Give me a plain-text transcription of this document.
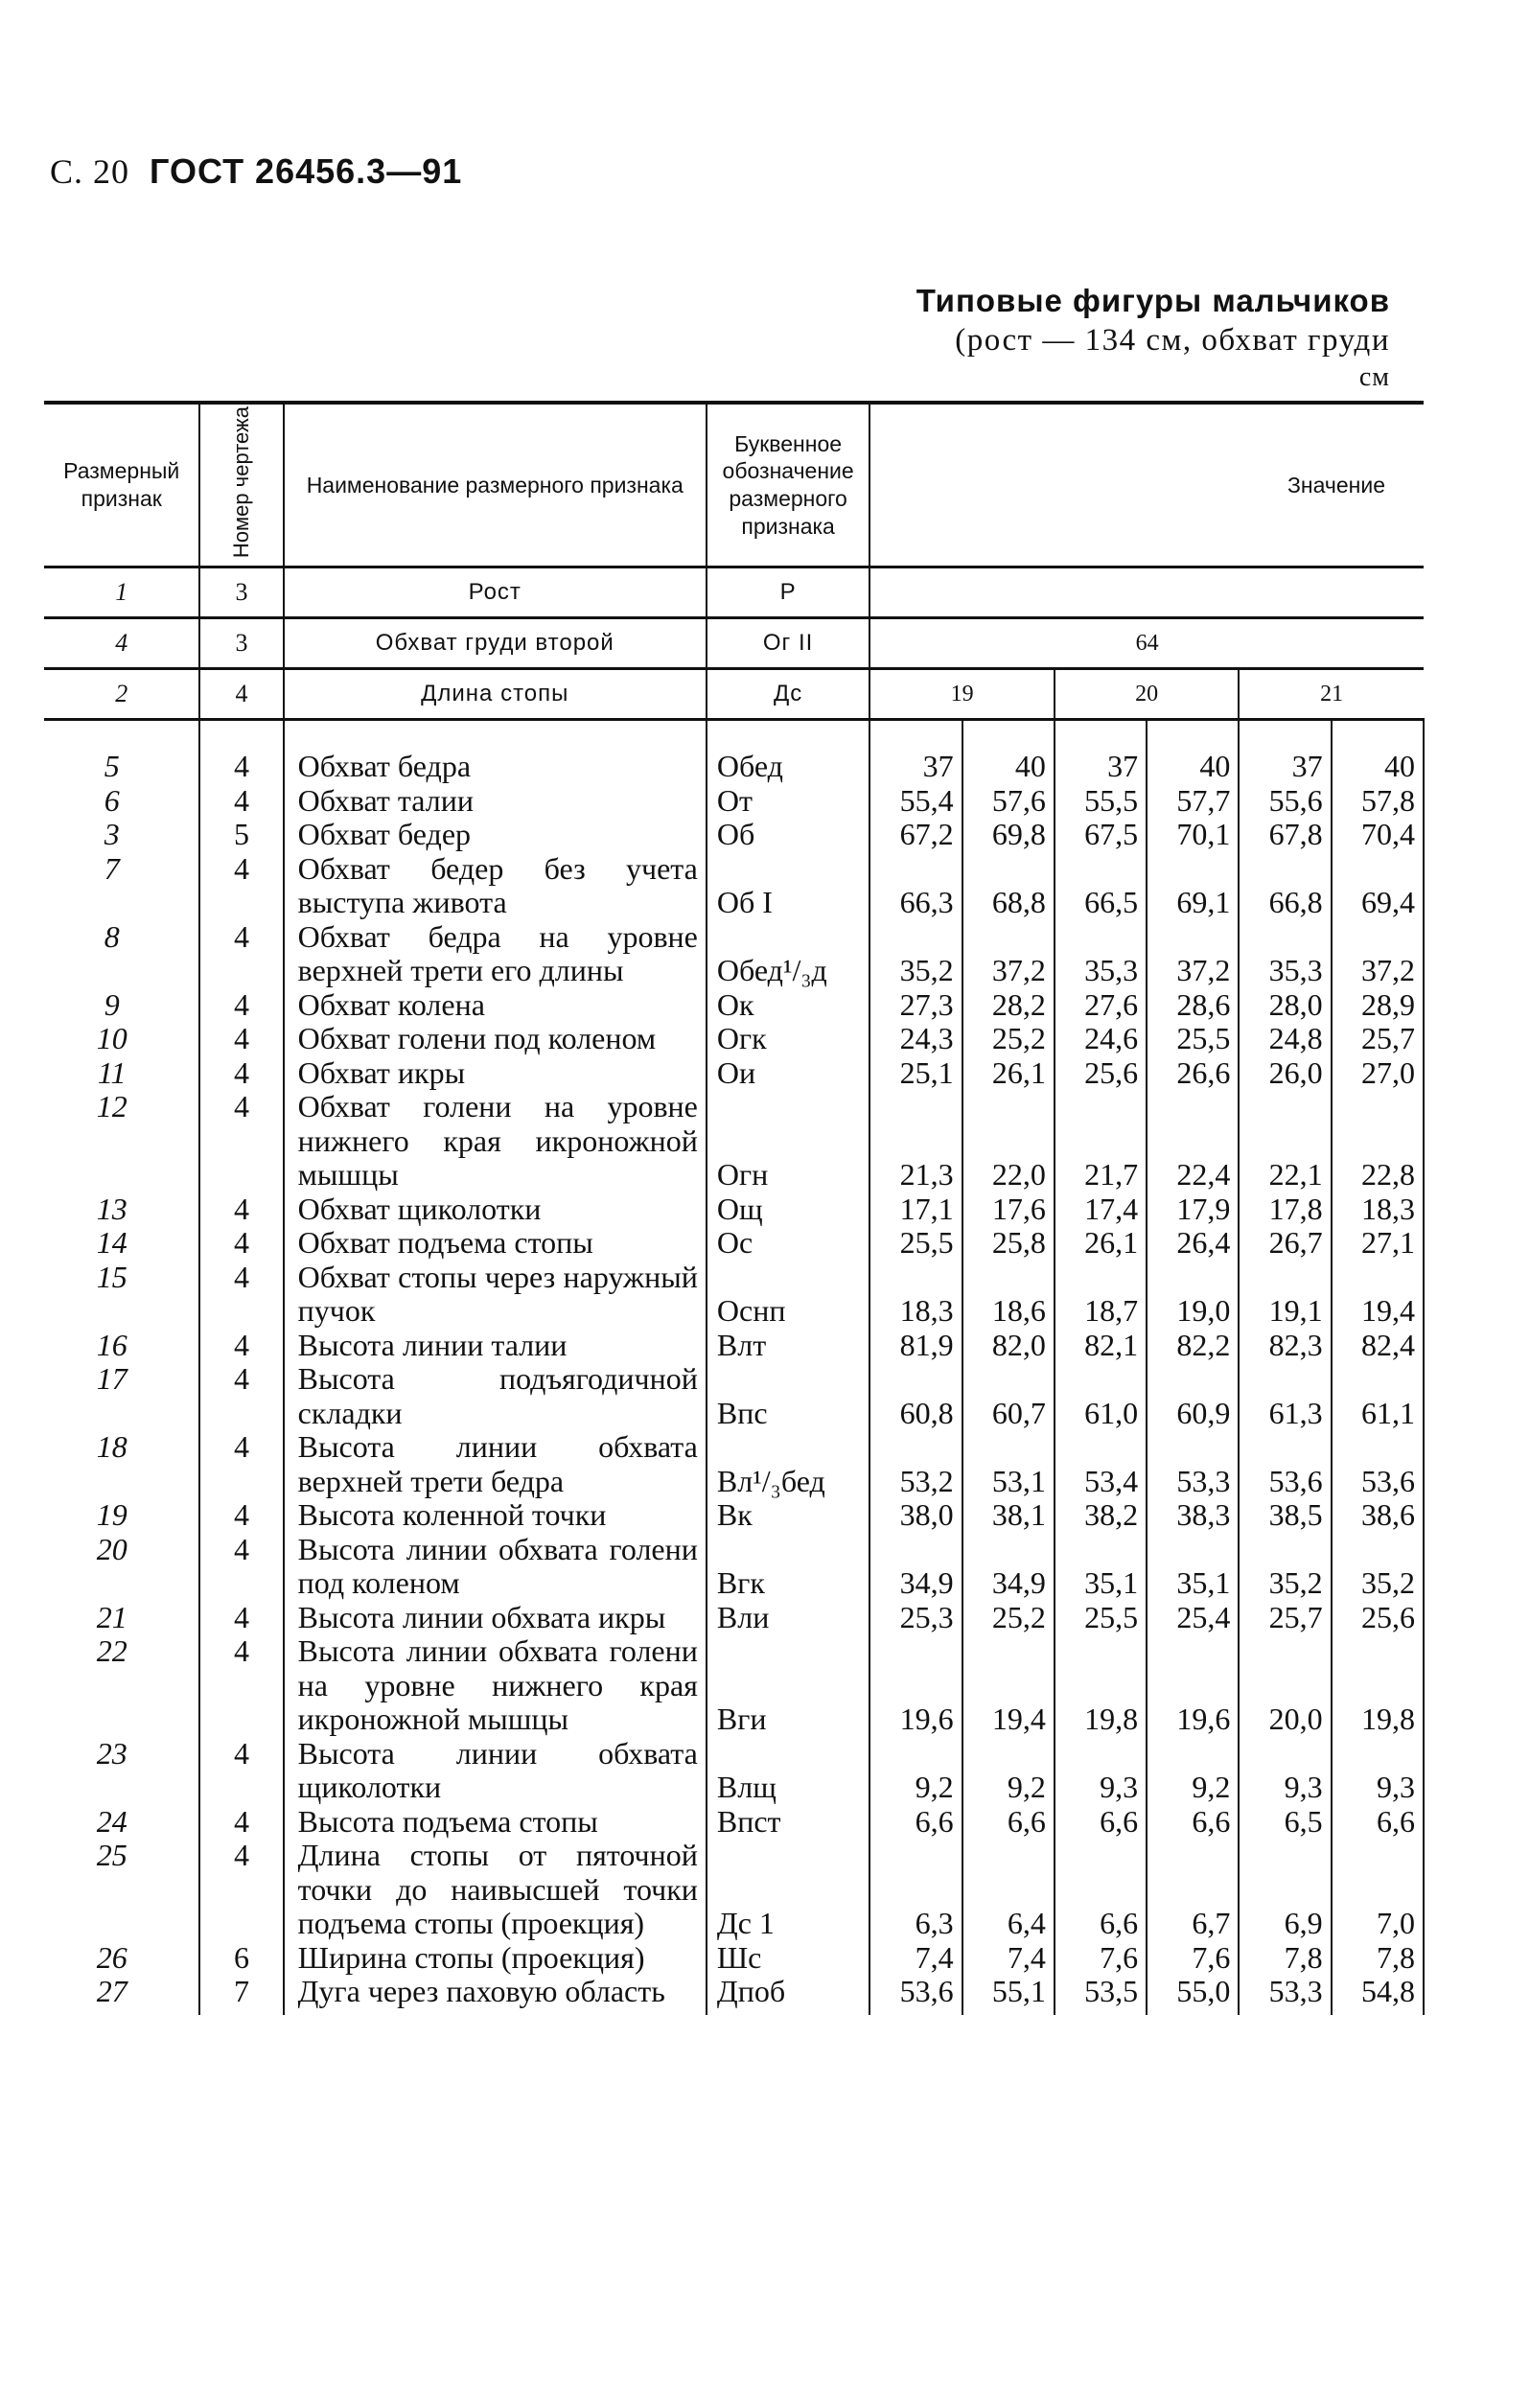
С. 20 ГОСТ 26456.3—91
Типовые фигуры мальчиков
(рост — 134 см, обхват груди
см
Размерный признак	Номер чертежа	Наименование размерного признака	Буквенное обозначение размерного признака	Значение					
1	3	Рост	Р						
4	3	Обхват груди второй	Ог II	64					
2	4	Длина стопы	Дс	19		20		21	

5	4	Обхват бедра	Обед	37	40	37	40	37	40
6	4	Обхват талии	От	55,4	57,6	55,5	57,7	55,6	57,8
3	5	Обхват бедер	Об	67,2	69,8	67,5	70,1	67,8	70,4
7	4	Обхват бедер без учета выступа живота	Об I	66,3	68,8	66,5	69,1	66,8	69,4
8	4	Обхват бедра на уровне верхней трети его длины	Обед¹/₃д	35,2	37,2	35,3	37,2	35,3	37,2
9	4	Обхват колена	Ок	27,3	28,2	27,6	28,6	28,0	28,9
10	4	Обхват голени под коленом	Огк	24,3	25,2	24,6	25,5	24,8	25,7
11	4	Обхват икры	Ои	25,1	26,1	25,6	26,6	26,0	27,0
12	4	Обхват голени на уровне нижнего края икроножной мышцы	Огн	21,3	22,0	21,7	22,4	22,1	22,8
13	4	Обхват щиколотки	Ощ	17,1	17,6	17,4	17,9	17,8	18,3
14	4	Обхват подъема стопы	Ос	25,5	25,8	26,1	26,4	26,7	27,1
15	4	Обхват стопы через наружный пучок	Оснп	18,3	18,6	18,7	19,0	19,1	19,4
16	4	Высота линии талии	Влт	81,9	82,0	82,1	82,2	82,3	82,4
17	4	Высота подъягодичной складки	Впс	60,8	60,7	61,0	60,9	61,3	61,1
18	4	Высота линии обхвата верхней трети бедра	Вл¹/₃бед	53,2	53,1	53,4	53,3	53,6	53,6
19	4	Высота коленной точки	Вк	38,0	38,1	38,2	38,3	38,5	38,6
20	4	Высота линии обхвата голени под коленом	Вгк	34,9	34,9	35,1	35,1	35,2	35,2
21	4	Высота линии обхвата икры	Вли	25,3	25,2	25,5	25,4	25,7	25,6
22	4	Высота линии обхвата голени на уровне нижнего края икроножной мышцы	Вги	19,6	19,4	19,8	19,6	20,0	19,8
23	4	Высота линии обхвата щиколотки	Влщ	9,2	9,2	9,3	9,2	9,3	9,3
24	4	Высота подъема стопы	Впст	6,6	6,6	6,6	6,6	6,5	6,6
25	4	Длина стопы от пяточной точки до наивысшей точки подъема стопы (проекция)	Дс 1	6,3	6,4	6,6	6,7	6,9	7,0
26	6	Ширина стопы (проекция)	Шс	7,4	7,4	7,6	7,6	7,8	7,8
27	7	Дуга через паховую область	Дпоб	53,6	55,1	53,5	55,0	53,3	54,8
